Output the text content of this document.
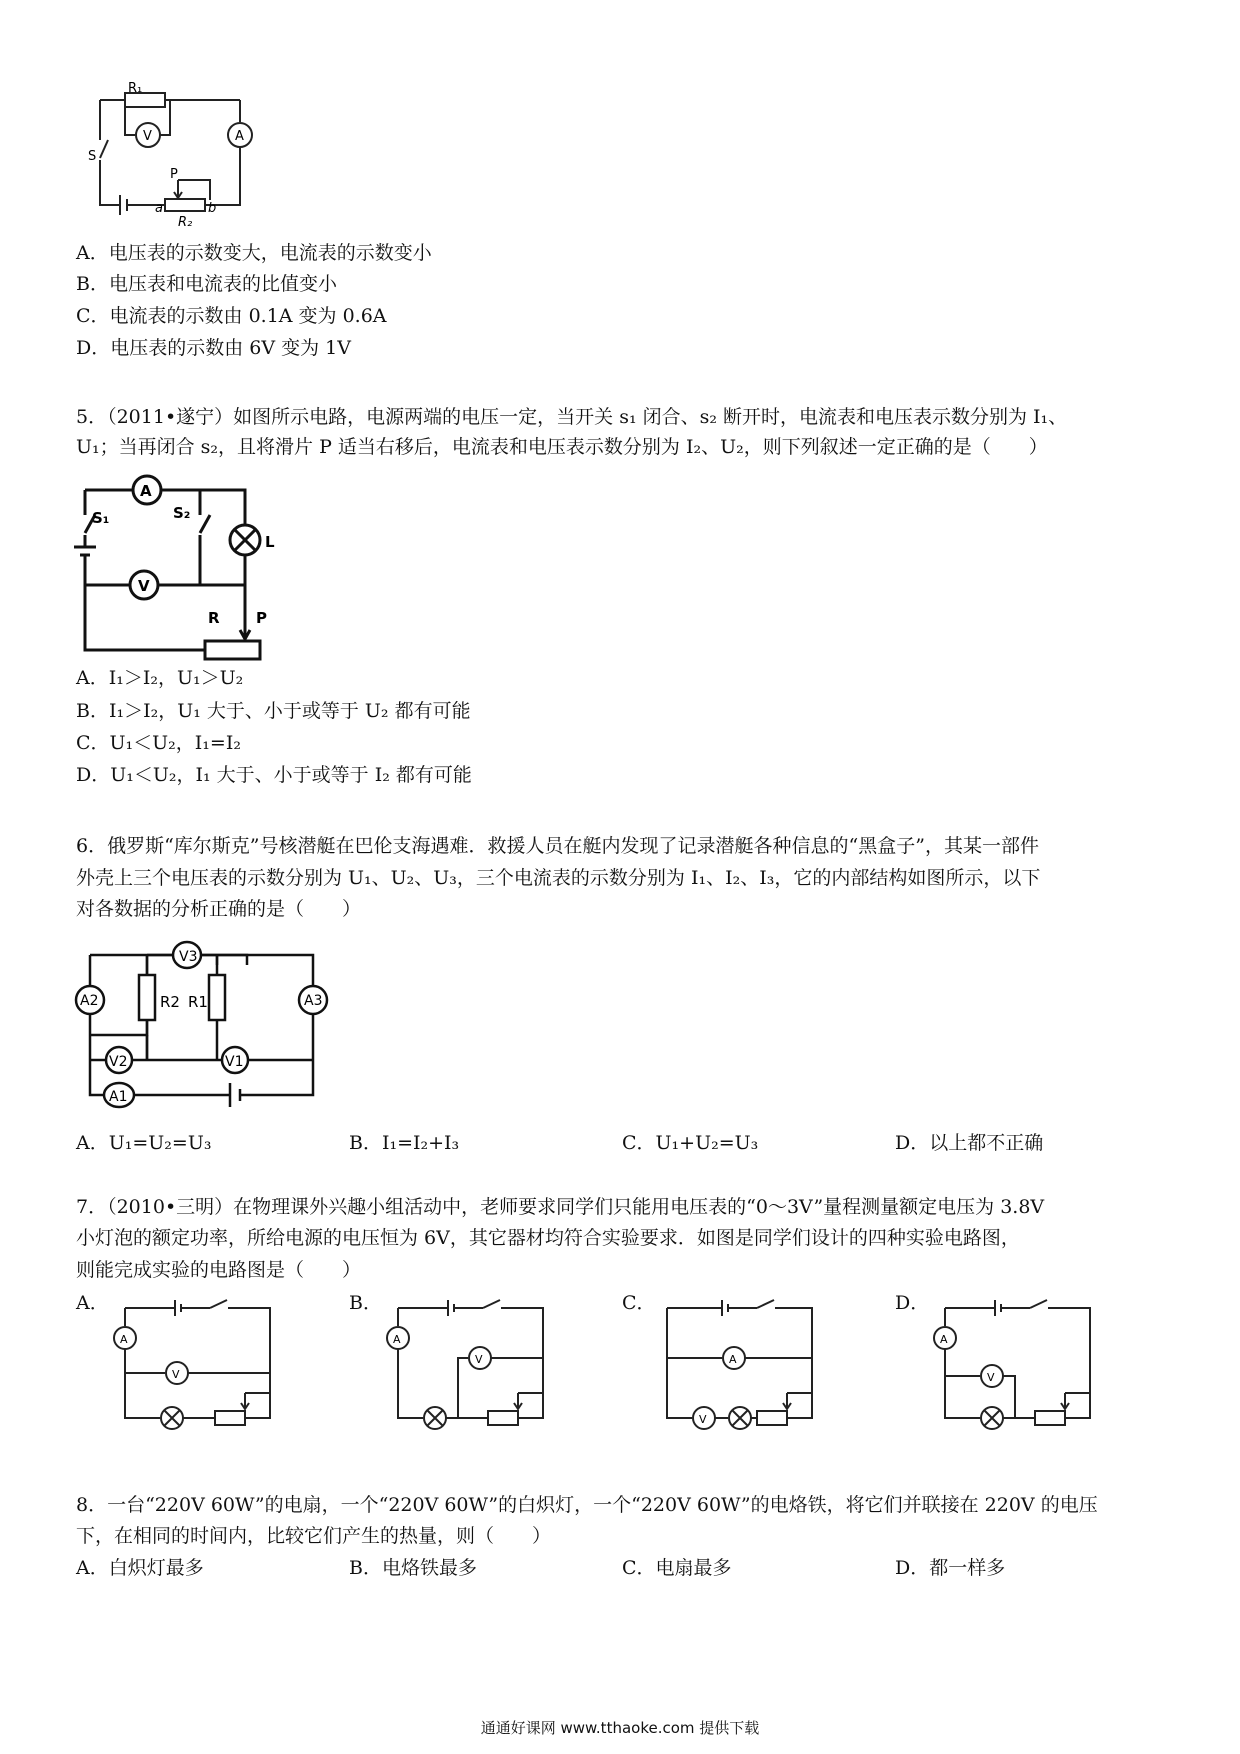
R₁
V	A
S
P
a	b
R₂
A．电压表的示数变大，电流表的示数变小
B．电压表和电流表的比值变小
C．电流表的示数由 0.1A 变为 0.6A
D．电压表的示数由 6V 变为 1V
5．（2011•遂宁）如图所示电路，电源两端的电压一定，当开关 s₁ 闭合、s₂ 断开时，电流表和电压表示数分别为 I₁、
U₁；当再闭合 s₂，且将滑片 P 适当右移后，电流表和电压表示数分别为 I₂、U₂，则下列叙述一定正确的是（　　）
A
S₁	S₂
L
V
R P
A．I₁＞I₂，U₁＞U₂
B．I₁＞I₂，U₁ 大于、小于或等于 U₂ 都有可能
C．U₁＜U₂，I₁=I₂
D．U₁＜U₂，I₁ 大于、小于或等于 I₂ 都有可能
6．俄罗斯“库尔斯克”号核潜艇在巴伦支海遇难．救援人员在艇内发现了记录潜艇各种信息的“黑盒子”，其某一部件
外壳上三个电压表的示数分别为 U₁、U₂、U₃，三个电流表的示数分别为 I₁、I₂、I₃，它的内部结构如图所示，以下
对各数据的分析正确的是（　　）
V3
A2	R2 R1	A3
V2	V1
A1
A．U₁=U₂=U₃	B．I₁=I₂+I₃	C．U₁+U₂=U₃	D．以上都不正确
7．（2010•三明）在物理课外兴趣小组活动中，老师要求同学们只能用电压表的“0～3V”量程测量额定电压为 3.8V
小灯泡的额定功率，所给电源的电压恒为 6V，其它器材均符合实验要求．如图是同学们设计的四种实验电路图，
则能完成实验的电路图是（　　）
A．	B．	C．	D．
A
V
A
V	A
V
A
V
8．一台“220V 60W”的电扇，一个“220V 60W”的白炽灯，一个“220V 60W”的电烙铁，将它们并联接在 220V 的电压
下，在相同的时间内，比较它们产生的热量，则（　　）
A．白炽灯最多	B．电烙铁最多	C．电扇最多	D．都一样多
通通好课网 www.tthaoke.com 提供下载
